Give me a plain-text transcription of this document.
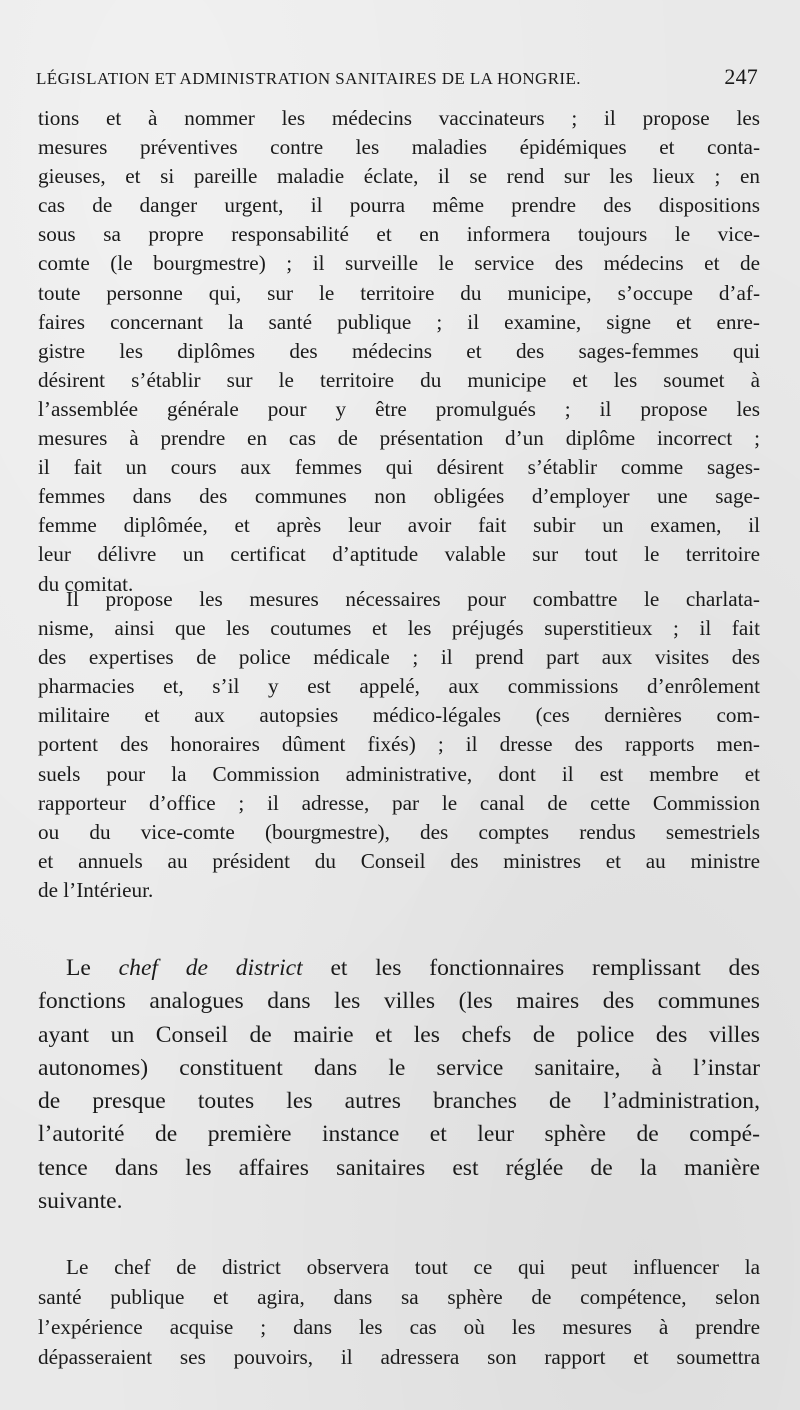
LÉGISLATION ET ADMINISTRATION SANITAIRES DE LA HONGRIE.	247
tions et à nommer les médecins vaccinateurs ; il propose les
mesures préventives contre les maladies épidémiques et conta-
gieuses, et si pareille maladie éclate, il se rend sur les lieux ; en
cas de danger urgent, il pourra même prendre des dispositions
sous sa propre responsabilité et en informera toujours le vice-
comte (le bourgmestre) ; il surveille le service des médecins et de
toute personne qui, sur le territoire du municipe, s’occupe d’af-
faires concernant la santé publique ; il examine, signe et enre-
gistre les diplômes des médecins et des sages-femmes qui
désirent s’établir sur le territoire du municipe et les soumet à
l’assemblée générale pour y être promulgués ; il propose les
mesures à prendre en cas de présentation d’un diplôme incorrect ;
il fait un cours aux femmes qui désirent s’établir comme sages-
femmes dans des communes non obligées d’employer une sage-
femme diplômée, et après leur avoir fait subir un examen, il
leur délivre un certificat d’aptitude valable sur tout le territoire
du comitat.
Il propose les mesures nécessaires pour combattre le charlata-
nisme, ainsi que les coutumes et les préjugés superstitieux ; il fait
des expertises de police médicale ; il prend part aux visites des
pharmacies et, s’il y est appelé, aux commissions d’enrôlement
militaire et aux autopsies médico-légales (ces dernières com-
portent des honoraires dûment fixés) ; il dresse des rapports men-
suels pour la Commission administrative, dont il est membre et
rapporteur d’office ; il adresse, par le canal de cette Commission
ou du vice-comte (bourgmestre), des comptes rendus semestriels
et annuels au président du Conseil des ministres et au ministre
de l’Intérieur.
Le chef de district et les fonctionnaires remplissant des
fonctions analogues dans les villes (les maires des communes
ayant un Conseil de mairie et les chefs de police des villes
autonomes) constituent dans le service sanitaire, à l’instar
de presque toutes les autres branches de l’administration,
l’autorité de première instance et leur sphère de compé-
tence dans les affaires sanitaires est réglée de la manière
suivante.
Le chef de district observera tout ce qui peut influencer la
santé publique et agira, dans sa sphère de compétence, selon
l’expérience acquise ; dans les cas où les mesures à prendre
dépasseraient ses pouvoirs, il adressera son rapport et soumettra
